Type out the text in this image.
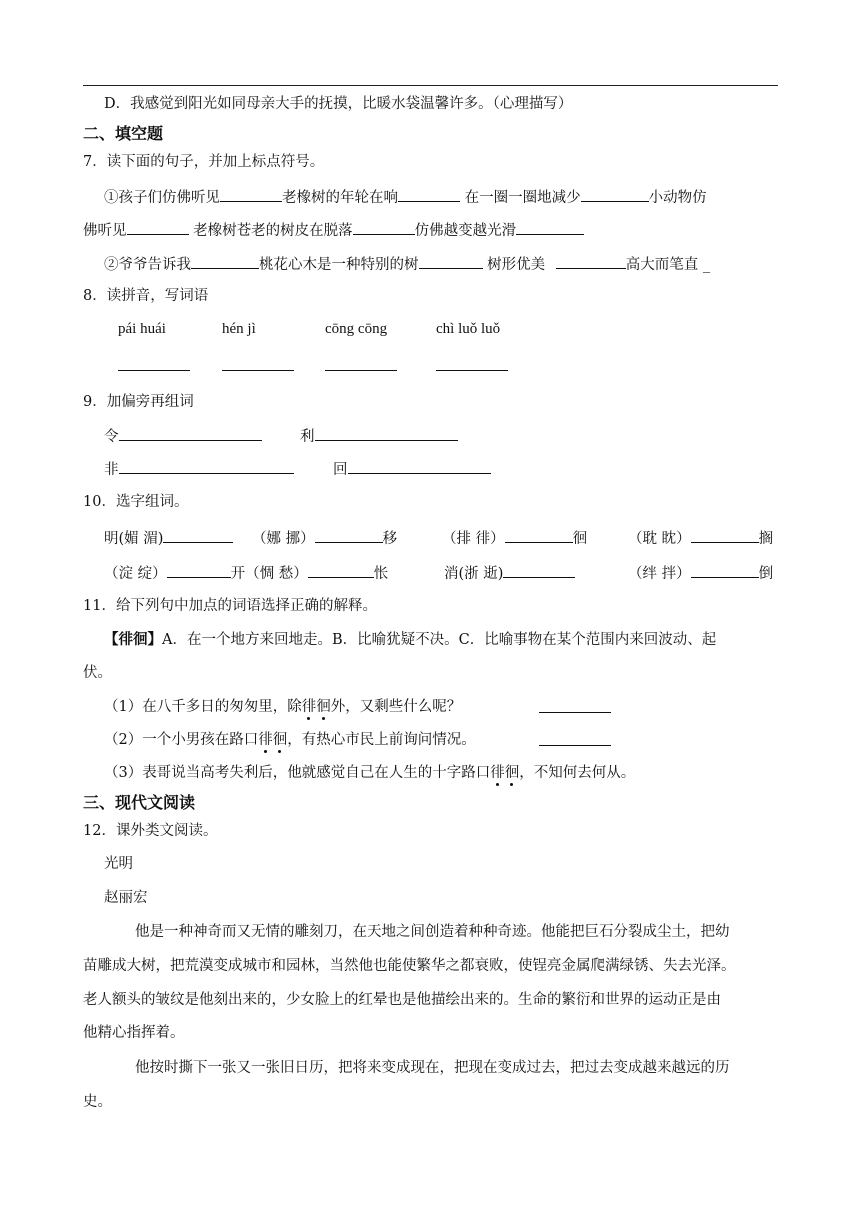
D．我感觉到阳光如同母亲大手的抚摸，比暖水袋温馨许多。（心理描写）
二、填空题
7．读下面的句子，并加上标点符号。
①孩子们仿佛听见	老橡树的年轮在响	在一圈一圈地减少	小动物仿
佛听见	老橡树苍老的树皮在脱落	仿佛越变越光滑
②爷爷告诉我	桃花心木是一种特别的树	树形优美	高大而笔直 _
8．读拼音，写词语
pái huái	hén jì	cōng cōng	chì luǒ luǒ
9．加偏旁再组词
令	利
非	回
10．选字组词。
明(媚 湄)	（娜 挪）	移	（排 徘）	徊	（耽 眈）	搁
（淀 绽）	开（惆 愁）	怅	消(浙 逝)	（绊 拌）	倒
11．给下列句中加点的词语选择正确的解释。
【徘徊】A．在一个地方来回地走。B．比喻犹疑不决。C．比喻事物在某个范围内来回波动、起
伏。
（1）在八千多日的匆匆里，除徘徊外，又剩些什么呢？
（2）一个小男孩在路口徘徊，有热心市民上前询问情况。
（3）表哥说当高考失利后，他就感觉自己在人生的十字路口徘徊，不知何去何从。
三、现代文阅读
12．课外类文阅读。
光明
赵丽宏
他是一种神奇而又无情的雕刻刀，在天地之间创造着种种奇迹。他能把巨石分裂成尘土，把幼
苗雕成大树，把荒漠变成城市和园林，当然他也能使繁华之都衰败，使锃亮金属爬满绿锈、失去光泽。
老人额头的皱纹是他刻出来的，少女脸上的红晕也是他描绘出来的。生命的繁衍和世界的运动正是由
他精心指挥着。
他按时撕下一张又一张旧日历，把将来变成现在，把现在变成过去，把过去变成越来越远的历
史。
